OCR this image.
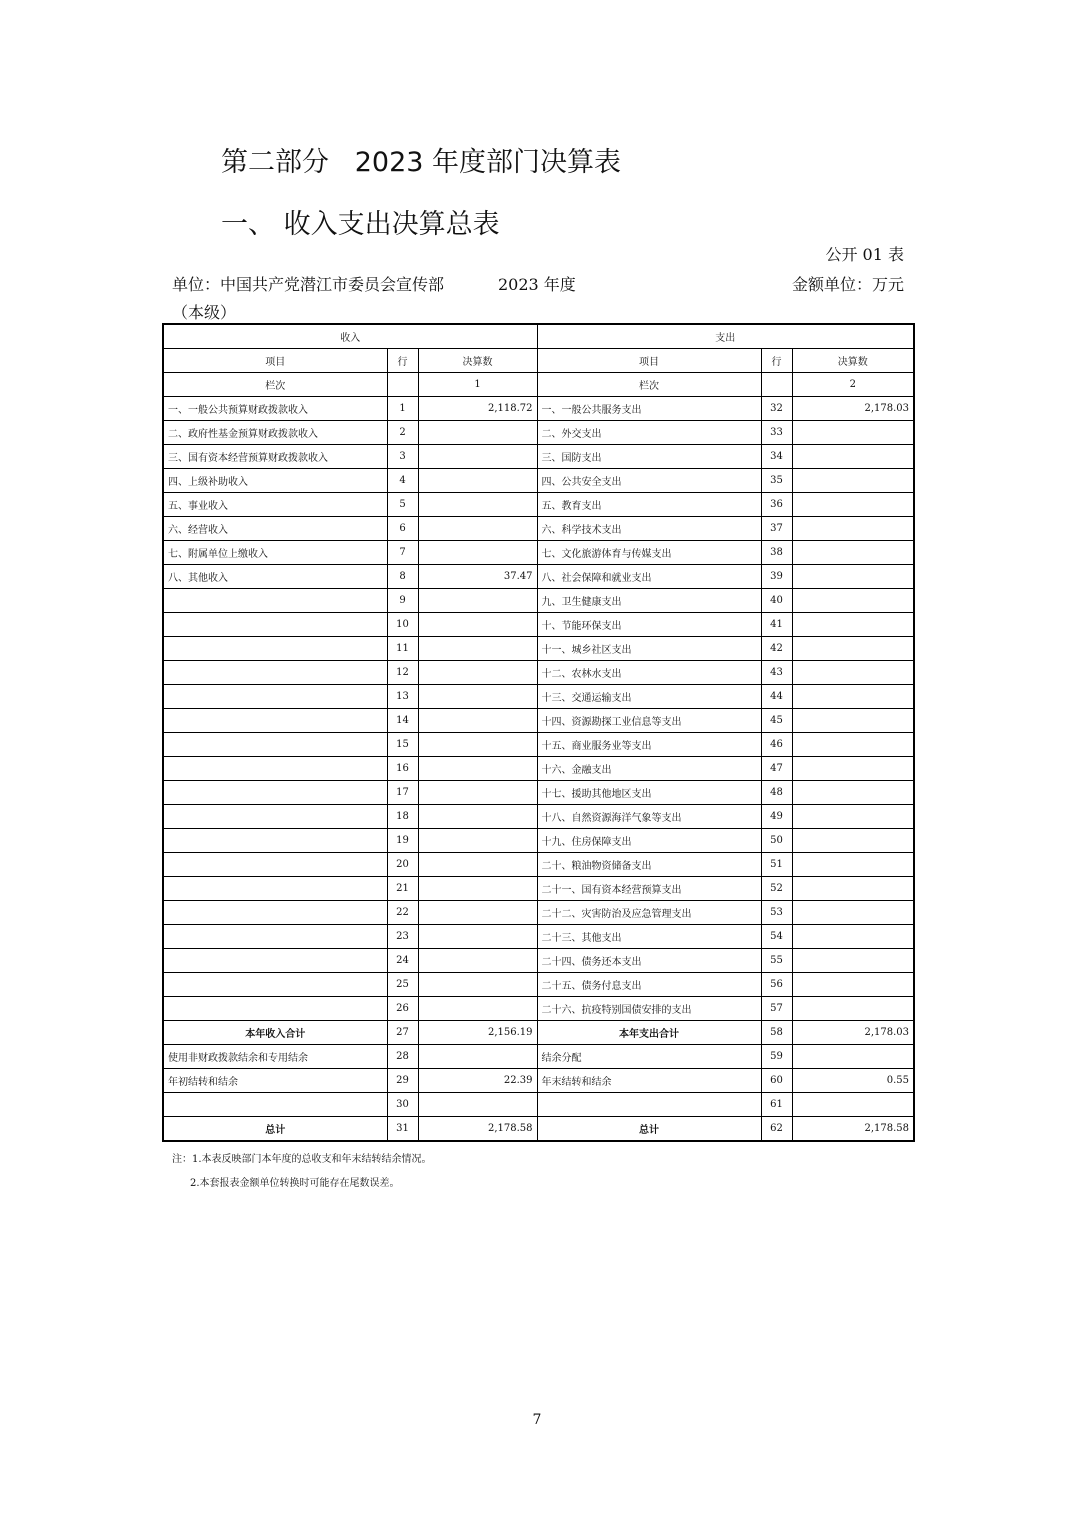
第二部分   2023 年度部门决算表
一、 收入支出决算总表
公开 01 表
单位：中国共产党潜江市委员会宣传部（本级）
2023 年度	金额单位：万元
收入			支出		
项目	行	决算数	项目	行	决算数
栏次		1	栏次		2
一、一般公共预算财政拨款收入	1	2,118.72	一、一般公共服务支出	32	2,178.03
二、政府性基金预算财政拨款收入	2		二、外交支出	33	
三、国有资本经营预算财政拨款收入	3		三、国防支出	34	
四、上级补助收入	4		四、公共安全支出	35	
五、事业收入	5		五、教育支出	36	
六、经营收入	6		六、科学技术支出	37	
七、附属单位上缴收入	7		七、文化旅游体育与传媒支出	38	
八、其他收入	8	37.47	八、社会保障和就业支出	39	
	9		九、卫生健康支出	40	
	10		十、节能环保支出	41	
	11		十一、城乡社区支出	42	
	12		十二、农林水支出	43	
	13		十三、交通运输支出	44	
	14		十四、资源勘探工业信息等支出	45	
	15		十五、商业服务业等支出	46	
	16		十六、金融支出	47	
	17		十七、援助其他地区支出	48	
	18		十八、自然资源海洋气象等支出	49	
	19		十九、住房保障支出	50	
	20		二十、粮油物资储备支出	51	
	21		二十一、国有资本经营预算支出	52	
	22		二十二、灾害防治及应急管理支出	53	
	23		二十三、其他支出	54	
	24		二十四、债务还本支出	55	
	25		二十五、债务付息支出	56	
	26		二十六、抗疫特别国债安排的支出	57	
本年收入合计	27	2,156.19	本年支出合计	58	2,178.03
使用非财政拨款结余和专用结余	28		结余分配	59	
年初结转和结余	29	22.39	年末结转和结余	60	0.55
	30			61	
总计	31	2,178.58	总计	62	2,178.58
注：1.本表反映部门本年度的总收支和年末结转结余情况。
2.本套报表金额单位转换时可能存在尾数误差。
7
